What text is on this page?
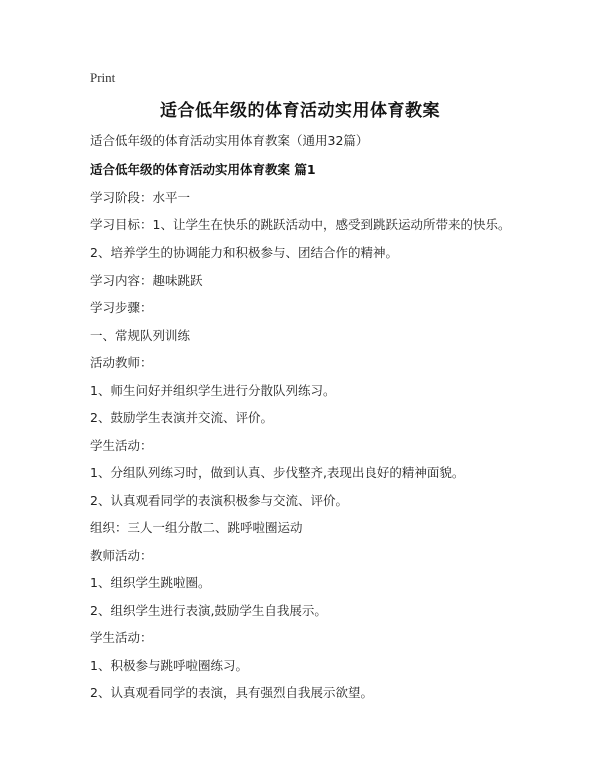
Print
适合低年级的体育活动实用体育教案
适合低年级的体育活动实用体育教案（通用32篇）
适合低年级的体育活动实用体育教案 篇1
学习阶段：水平一
学习目标：1、让学生在快乐的跳跃活动中，感受到跳跃运动所带来的快乐。
2、培养学生的协调能力和积极参与、团结合作的精神。
学习内容：趣味跳跃
学习步骤：
一、常规队列训练
活动教师：
1、师生问好并组织学生进行分散队列练习。
2、鼓励学生表演并交流、评价。
学生活动：
1、分组队列练习时，做到认真、步伐整齐,表现出良好的精神面貌。
2、认真观看同学的表演积极参与交流、评价。
组织：三人一组分散二、跳呼啦圈运动
教师活动：
1、组织学生跳啦圈。
2、组织学生进行表演,鼓励学生自我展示。
学生活动：
1、积极参与跳呼啦圈练习。
2、认真观看同学的表演，具有强烈自我展示欲望。
